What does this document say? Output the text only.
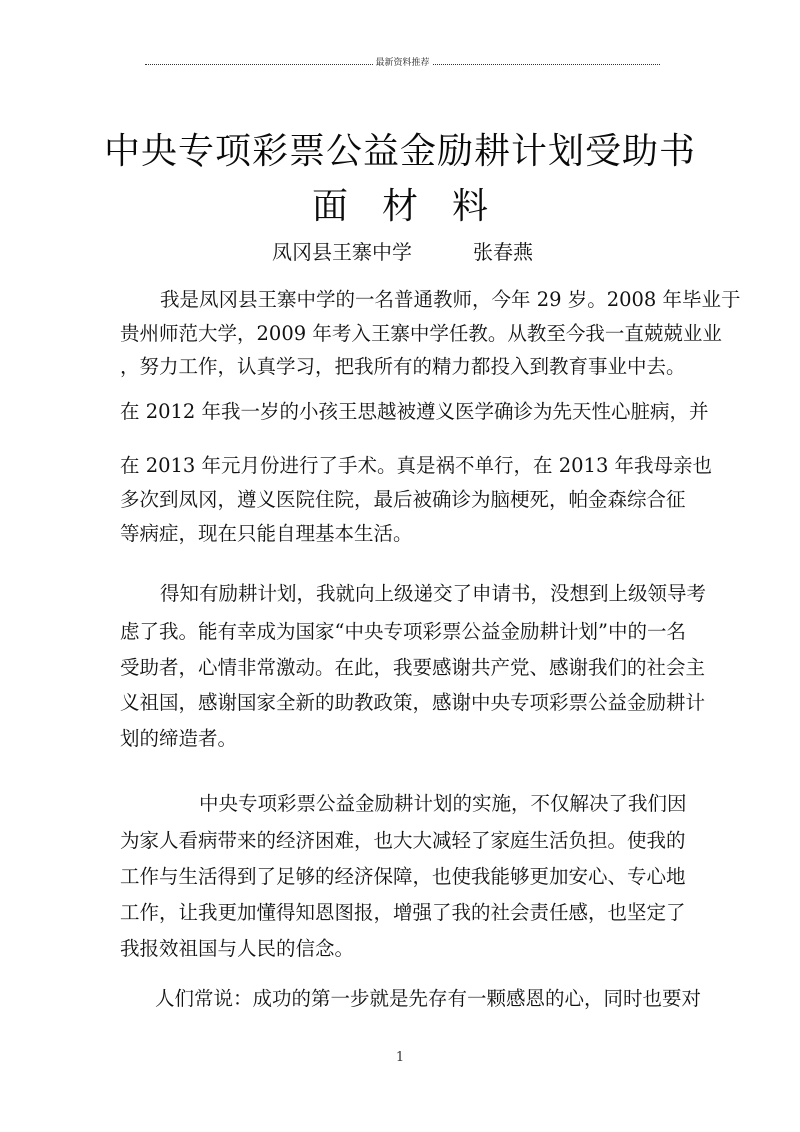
最新资料推荐
中央专项彩票公益金励耕计划受助书
面材料
凤冈县王寨中学	张春燕
我是凤冈县王寨中学的一名普通教师，今年 29 岁。2008 年毕业于
贵州师范大学，2009 年考入王寨中学任教。从教至今我一直兢兢业业
，努力工作，认真学习，把我所有的精力都投入到教育事业中去。
在 2012 年我一岁的小孩王思越被遵义医学确诊为先天性心脏病，并
在 2013 年元月份进行了手术。真是祸不单行，在 2013 年我母亲也
多次到凤冈，遵义医院住院，最后被确诊为脑梗死，帕金森综合征
等病症，现在只能自理基本生活。
得知有励耕计划，我就向上级递交了申请书，没想到上级领导考
虑了我。能有幸成为国家“中央专项彩票公益金励耕计划”中的一名
受助者，心情非常激动。在此，我要感谢共产党、感谢我们的社会主
义祖国，感谢国家全新的助教政策，感谢中央专项彩票公益金励耕计
划的缔造者。
中央专项彩票公益金励耕计划的实施，不仅解决了我们因
为家人看病带来的经济困难，也大大减轻了家庭生活负担。使我的
工作与生活得到了足够的经济保障，也使我能够更加安心、专心地
工作，让我更加懂得知恩图报，增强了我的社会责任感，也坚定了
我报效祖国与人民的信念。
人们常说：成功的第一步就是先存有一颗感恩的心，同时也要对
1
